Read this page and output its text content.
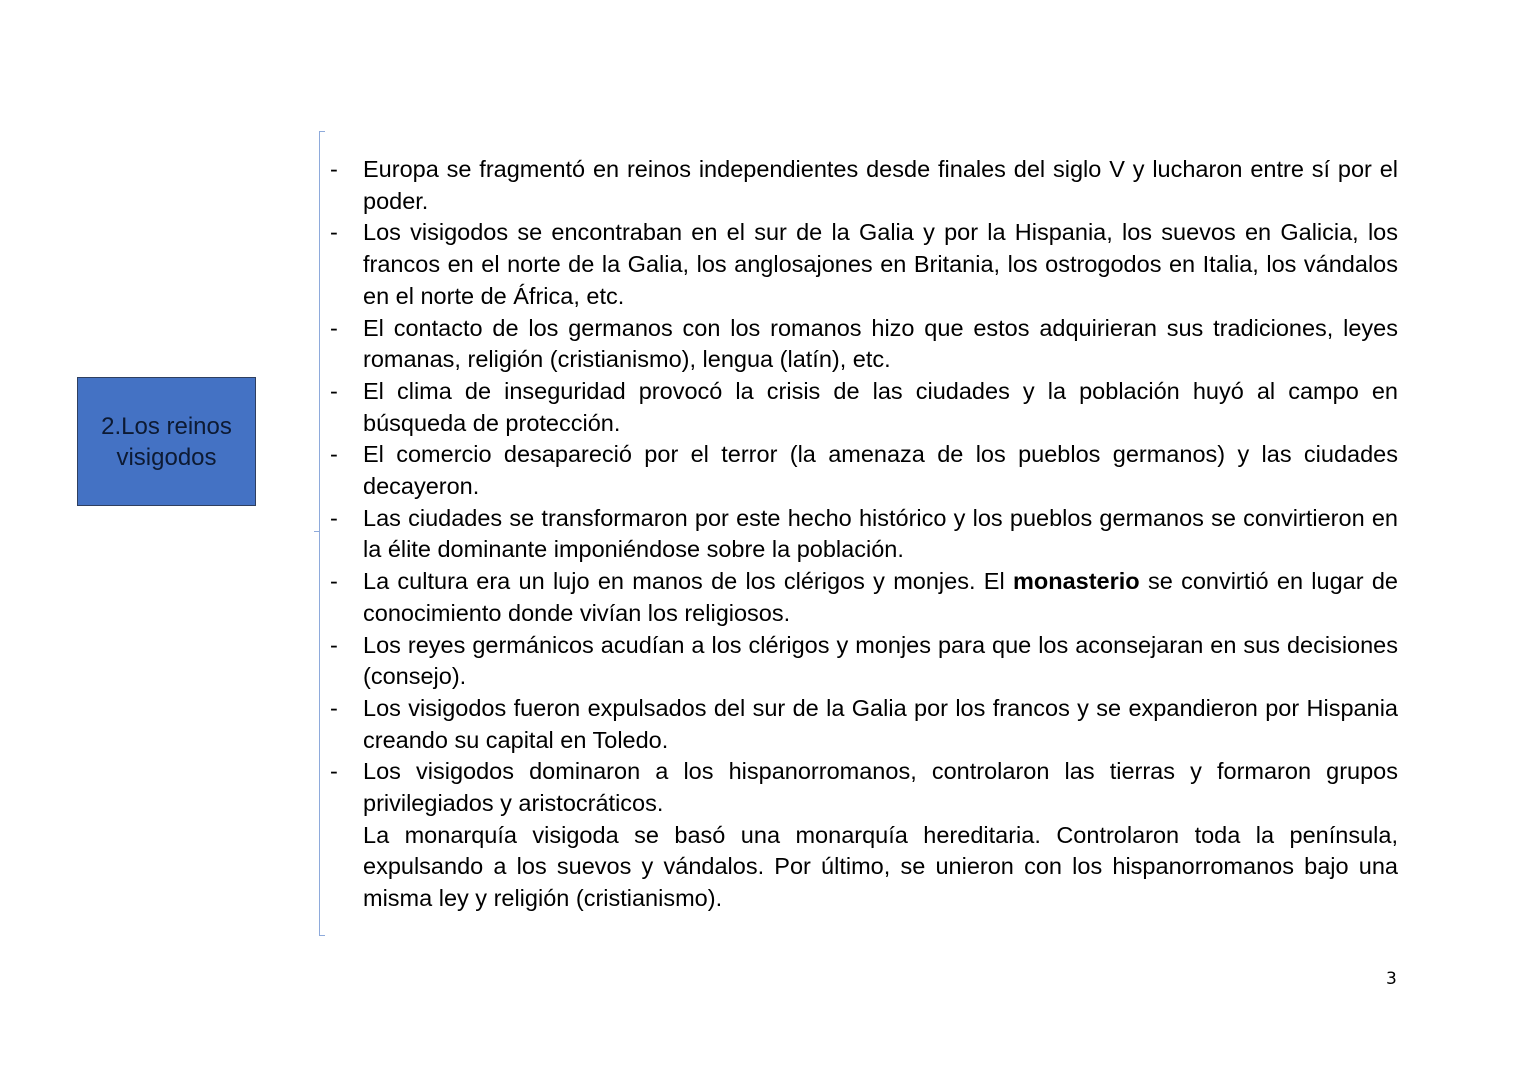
2.Los reinos
visigodos
-	Europa se fragmentó en reinos independientes desde finales del siglo V y lucharon entre sí por el poder.
-	Los visigodos se encontraban en el sur de la Galia y por la Hispania, los suevos en Galicia, los francos en el norte de la Galia, los anglosajones en Britania, los ostrogodos en Italia, los vándalos en el norte de África, etc.
-	El contacto de los germanos con los romanos hizo que estos adquirieran sus tradiciones, leyes romanas, religión (cristianismo), lengua (latín), etc.
-	El clima de inseguridad provocó la crisis de las ciudades y la población huyó al campo en búsqueda de protección.
-	El comercio desapareció por el terror (la amenaza de los pueblos germanos) y las ciudades decayeron.
-	Las ciudades se transformaron por este hecho histórico y los pueblos germanos se convirtieron en la élite dominante imponiéndose sobre la población.
-	La cultura era un lujo en manos de los clérigos y monjes. El monasterio se convirtió en lugar de conocimiento donde vivían los religiosos.
-	Los reyes germánicos acudían a los clérigos y monjes para que los aconsejaran en sus decisiones (consejo).
-	Los visigodos fueron expulsados del sur de la Galia por los francos y se expandieron por Hispania creando su capital en Toledo.
-	Los visigodos dominaron a los hispanorromanos, controlaron las tierras y formaron grupos privilegiados y aristocráticos.
La monarquía visigoda se basó una monarquía hereditaria. Controlaron toda la península, expulsando a los suevos y vándalos. Por último, se unieron con los hispanorromanos bajo una misma ley y religión (cristianismo).
3
